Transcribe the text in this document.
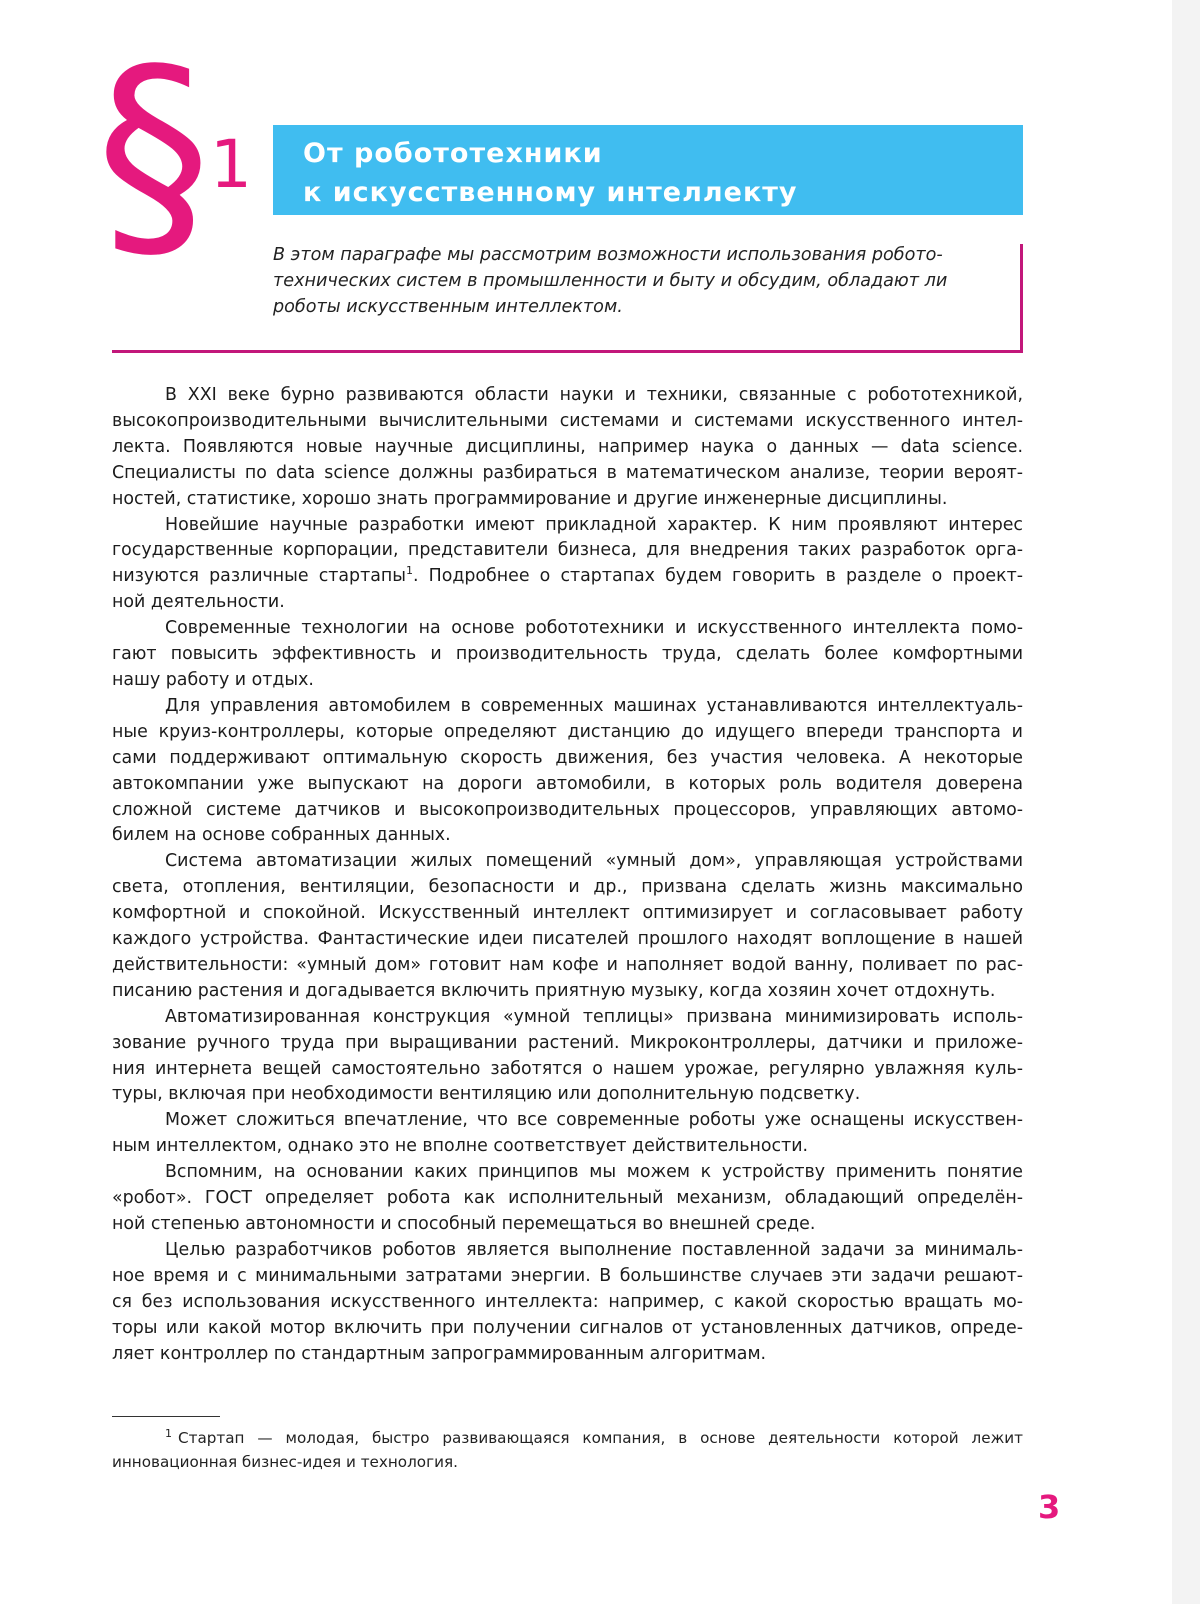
§ 1 От робототехники
к искусственному интеллекту
В этом параграфе мы рассмотрим возможности использования робото-
технических систем в промышленности и быту и обсудим, обладают ли
роботы искусственным интеллектом.
В XXI веке бурно развиваются области науки и техники, связанные с робототехникой,
высокопроизводительными вычислительными системами и системами искусственного интел-
лекта. Появляются новые научные дисциплины, например наука о данных — data science.
Специалисты по data science должны разбираться в математическом анализе, теории вероят-
ностей, статистике, хорошо знать программирование и другие инженерные дисциплины.
Новейшие научные разработки имеют прикладной характер. К ним проявляют интерес
государственные корпорации, представители бизнеса, для внедрения таких разработок орга-
низуются различные стартапы$^1$. Подробнее о стартапах будем говорить в разделе о проект-
ной деятельности.
Современные технологии на основе робототехники и искусственного интеллекта помо-
гают повысить эффективность и производительность труда, сделать более комфортными
нашу работу и отдых.
Для управления автомобилем в современных машинах устанавливаются интеллектуаль-
ные круиз-контроллеры, которые определяют дистанцию до идущего впереди транспорта и
сами поддерживают оптимальную скорость движения, без участия человека. А некоторые
автокомпании уже выпускают на дороги автомобили, в которых роль водителя доверена
сложной системе датчиков и высокопроизводительных процессоров, управляющих автомо-
билем на основе собранных данных.
Система автоматизации жилых помещений «умный дом», управляющая устройствами
света, отопления, вентиляции, безопасности и др., призвана сделать жизнь максимально
комфортной и спокойной. Искусственный интеллект оптимизирует и согласовывает работу
каждого устройства. Фантастические идеи писателей прошлого находят воплощение в нашей
действительности: «умный дом» готовит нам кофе и наполняет водой ванну, поливает по рас-
писанию растения и догадывается включить приятную музыку, когда хозяин хочет отдохнуть.
Автоматизированная конструкция «умной теплицы» призвана минимизировать исполь-
зование ручного труда при выращивании растений. Микроконтроллеры, датчики и приложе-
ния интернета вещей самостоятельно заботятся о нашем урожае, регулярно увлажняя куль-
туры, включая при необходимости вентиляцию или дополнительную подсветку.
Может сложиться впечатление, что все современные роботы уже оснащены искусствен-
ным интеллектом, однако это не вполне соответствует действительности.
Вспомним, на основании каких принципов мы можем к устройству применить понятие
«робот». ГОСТ определяет робота как исполнительный механизм, обладающий определён-
ной степенью автономности и способный перемещаться во внешней среде.
Целью разработчиков роботов является выполнение поставленной задачи за минималь-
ное время и с минимальными затратами энергии. В большинстве случаев эти задачи решают-
ся без использования искусственного интеллекта: например, с какой скоростью вращать мо-
торы или какой мотор включить при получении сигналов от установленных датчиков, опреде-
ляет контроллер по стандартным запрограммированным алгоритмам.
$^1$ Стартап — молодая, быстро развивающаяся компания, в основе деятельности которой лежит
инновационная бизнес-идея и технология.
3
